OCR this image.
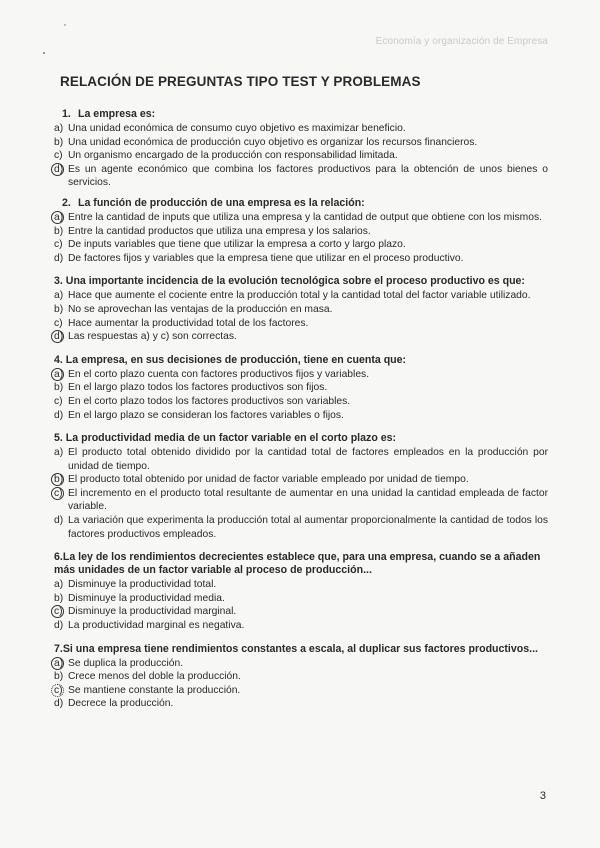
Economía y organización de Empresa
RELACIÓN DE PREGUNTAS TIPO TEST Y PROBLEMAS
1. La empresa es:
a) Una unidad económica de consumo cuyo objetivo es maximizar beneficio.
b) Una unidad económica de producción cuyo objetivo es organizar los recursos financieros.
c) Un organismo encargado de la producción con responsabilidad limitada.
d) Es un agente económico que combina los factores productivos para la obtención de unos bienes o servicios.
2. La función de producción de una empresa es la relación:
a) Entre la cantidad de inputs que utiliza una empresa y la cantidad de output que obtiene con los mismos.
b) Entre la cantidad productos que utiliza una empresa y los salarios.
c) De inputs variables que tiene que utilizar la empresa a corto y largo plazo.
d) De factores fijos y variables que la empresa tiene que utilizar en el proceso productivo.
3. Una importante incidencia de la evolución tecnológica sobre el proceso productivo es que:
a) Hace que aumente el cociente entre la producción total y la cantidad total del factor variable utilizado.
b) No se aprovechan las ventajas de la producción en masa.
c) Hace aumentar la productividad total de los factores.
d) Las respuestas a) y c) son correctas.
4. La empresa, en sus decisiones de producción, tiene en cuenta que:
a) En el corto plazo cuenta con factores productivos fijos y variables.
b) En el largo plazo todos los factores productivos son fijos.
c) En el corto plazo todos los factores productivos son variables.
d) En el largo plazo se consideran los factores variables o fijos.
5. La productividad media de un factor variable en el corto plazo es:
a) El producto total obtenido dividido por la cantidad total de factores empleados en la producción por unidad de tiempo.
b) El producto total obtenido por unidad de factor variable empleado por unidad de tiempo.
c) El incremento en el producto total resultante de aumentar en una unidad la cantidad empleada de factor variable.
d) La variación que experimenta la producción total al aumentar proporcionalmente la cantidad de todos los factores productivos empleados.
6.La ley de los rendimientos decrecientes establece que, para una empresa, cuando se a añaden más unidades de un factor variable al proceso de producción...
a) Disminuye la productividad total.
b) Disminuye la productividad media.
c) Disminuye la productividad marginal.
d) La productividad marginal es negativa.
7.Si una empresa tiene rendimientos constantes a escala, al duplicar sus factores productivos...
a) Se duplica la producción.
b) Crece menos del doble la producción.
c) Se mantiene constante la producción.
d) Decrece la producción.
3
